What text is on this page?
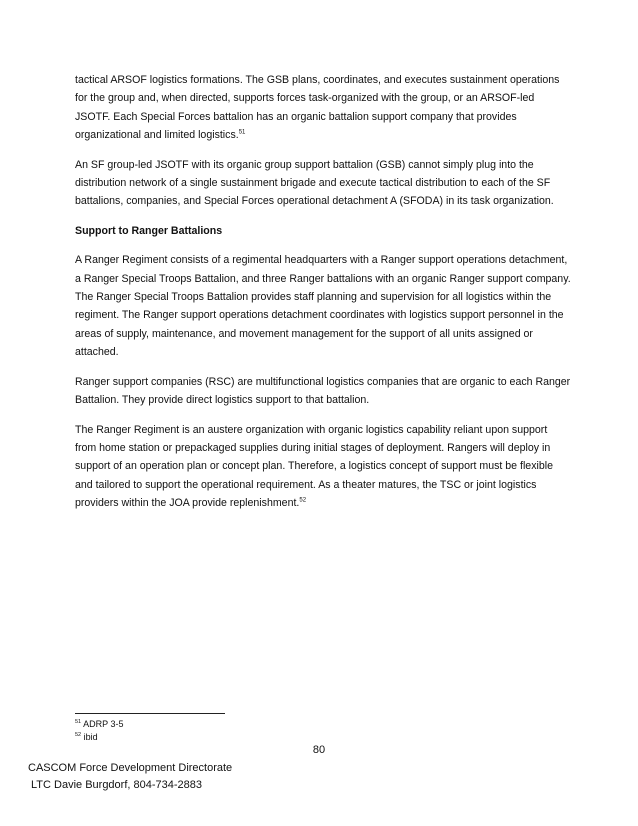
tactical ARSOF logistics formations. The GSB plans, coordinates, and executes sustainment operations for the group and, when directed, supports forces task-organized with the group, or an ARSOF-led JSOTF. Each Special Forces battalion has an organic battalion support company that provides organizational and limited logistics.$^{51}$

An SF group-led JSOTF with its organic group support battalion (GSB) cannot simply plug into the distribution network of a single sustainment brigade and execute tactical distribution to each of the SF battalions, companies, and Special Forces operational detachment A (SFODA) in its task organization.

Support to Ranger Battalions

A Ranger Regiment consists of a regimental headquarters with a Ranger support operations detachment, a Ranger Special Troops Battalion, and three Ranger battalions with an organic Ranger support company. The Ranger Special Troops Battalion provides staff planning and supervision for all logistics within the regiment. The Ranger support operations detachment coordinates with logistics support personnel in the areas of supply, maintenance, and movement management for the support of all units assigned or attached.

Ranger support companies (RSC) are multifunctional logistics companies that are organic to each Ranger Battalion. They provide direct logistics support to that battalion.

The Ranger Regiment is an austere organization with organic logistics capability reliant upon support from home station or prepackaged supplies during initial stages of deployment. Rangers will deploy in support of an operation plan or concept plan. Therefore, a logistics concept of support must be flexible and tailored to support the operational requirement. As a theater matures, the TSC or joint logistics providers within the JOA provide replenishment.$^{52}$

$^{51}$ ADRP 3-5
$^{52}$ ibid
80
CASCOM Force Development Directorate
LTC Davie Burgdorf, 804-734-2883
